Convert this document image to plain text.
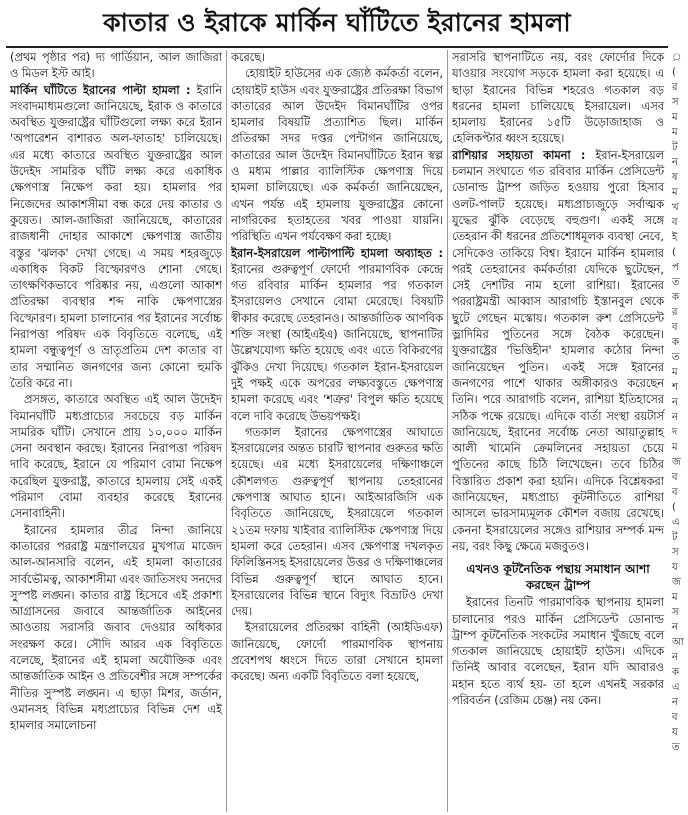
কাতার ও ইরাকে মার্কিন ঘাঁটিতে ইরানের হামলা

(প্রথম পৃষ্ঠার পর) দ্য গার্ডিয়ান, আল জাজিরা ও মিডল ইস্ট আই।

মার্কিন ঘাঁটিতে ইরানের পাল্টা হামলা : ইরানি সংবাদমাধ্যমগুলো জানিয়েছে, ইরাক ও কাতারে অবস্থিত যুক্তরাষ্ট্রের ঘাঁটিগুলো লক্ষ্য করে ইরান 'অপারেশন বাশারত অল-ফাতাহ' চালিয়েছে। এর মধ্যে কাতারে অবস্থিত যুক্তরাষ্ট্রের আল উদেইদ সামরিক ঘাঁটি লক্ষ্য করে একাধিক ক্ষেপণাস্ত্র নিক্ষেপ করা হয়। হামলার পর নিজেদের আকাশসীমা বন্ধ করে দেয় কাতার ও কুয়েত। আল-জাজিরা জানিয়েছে, কাতারের রাজধানী দোহার আকাশে ক্ষেপণাস্ত্র জাতীয় বস্তুর 'ঝলক' দেখা গেছে। এ সময় শহরজুড়ে একাধিক বিকট বিস্ফোরণও শোনা গেছে। তাৎক্ষণিকভাবে পরিষ্কার নয়, এগুলো আকাশ প্রতিরক্ষা ব্যবস্থার শব্দ নাকি ক্ষেপণাস্ত্রের বিস্ফোরণ। হামলা চালানোর পর ইরানের সর্বোচ্চ নিরাপত্তা পরিষদ এক বিবৃতিতে বলেছে, এই হামলা বন্ধুত্বপূর্ণ ও ভ্রাতৃপ্রতিম দেশ কাতার বা তার সম্মানিত জনগণের জন্য কোনো হুমকি তৈরি করে না।

প্রসঙ্গত, কাতারে অবস্থিত এই আল উদেইদ বিমানঘাঁটি মধ্যপ্রাচ্যের সবচেয়ে বড় মার্কিন সামরিক ঘাঁটি। সেখানে প্রায় ১০,০০০ মার্কিন সেনা অবস্থান করছে। ইরানের নিরাপত্তা পরিষদ দাবি করেছে, ইরানে যে পরিমাণ বোমা নিক্ষেপ করেছিল যুক্তরাষ্ট্র, কাতারে হামলায় সেই একই পরিমাণ বোমা ব্যবহার করেছে ইরানের সেনাবাহিনী।

ইরানের হামলার তীব্র নিন্দা জানিয়ে কাতারের পররাষ্ট্র মন্ত্রণালয়ের মুখপাত্র মাজেদ আল-আনসারি বলেন, এই হামলা কাতারের সার্বভৌমত্ব, আকাশসীমা এবং জাতিসংঘ সনদের সুস্পষ্ট লঙ্ঘন। কাতার রাষ্ট্র হিসেবে এই প্রকাশ্য আগ্রাসনের জবাবে আন্তর্জাতিক আইনের আওতায় সরাসরি জবাব দেওয়ার অধিকার সংরক্ষণ করে। সৌদি আরব এক বিবৃতিতে বলেছে, ইরানের এই হামলা অযৌক্তিক এবং আন্তর্জাতিক আইন ও প্রতিবেশীর সঙ্গে সম্পর্কের নীতির সুস্পষ্ট লঙ্ঘন। এ ছাড়া মিশর, জর্ডান, ওমানসহ বিভিন্ন মধ্যপ্রাচ্যের বিভিন্ন দেশ এই হামলার সমালোচনা

করেছে।

হোয়াইট হাউসের এক জ্যেষ্ঠ কর্মকর্তা বলেন, হোয়াইট হাউস এবং যুক্তরাষ্ট্রের প্রতিরক্ষা বিভাগ কাতারের আল উদেইদ বিমানঘাঁটির ওপর হামলার বিষয়টি প্রত্যাশিত ছিল। মার্কিন প্রতিরক্ষা সদর দপ্তর পেন্টাগন জানিয়েছে, কাতারের আল উদেইদ বিমানঘাঁটিতে ইরান স্বল্প ও মধ্যম পাল্লার ব্যালিস্টিক ক্ষেপণাস্ত্র দিয়ে হামলা চালিয়েছে। এক কর্মকর্তা জানিয়েছেন, এখন পর্যন্ত এই হামলায় যুক্তরাষ্ট্রের কোনো নাগরিকের হতাহতের খবর পাওয়া যায়নি। পরিস্থিতি এখন পর্যবেক্ষণ করা হচ্ছে।

ইরান-ইসরায়েল পাল্টাপাল্টি হামলা অব্যাহত : ইরানের গুরুত্বপূর্ণ ফোর্দো পারমাণবিক কেন্দ্রে গত রবিবার মার্কিন হামলার পর গতকাল ইসরায়েলও সেখানে বোমা মেরেছে। বিষয়টি স্বীকার করেছে তেহরানও। আন্তর্জাতিক আণবিক শক্তি সংস্থা (আইএইএ) জানিয়েছে, স্থাপনাটির উল্লেখযোগ্য ক্ষতি হয়েছে এবং এতে বিকিরণের ঝুঁকিও দেখা দিয়েছে। গতকাল ইরান-ইসরায়েল দুই পক্ষই একে অপরের লক্ষ্যবস্তুতে ক্ষেপণাস্ত্র হামলা করেছে এবং 'শত্রুর' বিপুল ক্ষতি হয়েছে বলে দাবি করেছে উভয়পক্ষই।

গতকাল ইরানের ক্ষেপণাস্ত্রের আঘাতে ইসরায়েলের অন্তত চারটি স্থাপনার গুরুতর ক্ষতি হয়েছে। এর মধ্যে ইসরায়েলের দক্ষিণাঞ্চলে কৌশলগত গুরুত্বপূর্ণ স্থাপনায় তেহরানের ক্ষেপণাস্ত্র আঘাত হানে। আইআরজিসি এক বিবৃতিতে জানিয়েছে, ইসরায়েলে গতকাল ২১তম দফায় খাইবার ব্যালিস্টিক ক্ষেপণাস্ত্র দিয়ে হামলা করে তেহরান। এসব ক্ষেপণাস্ত্র দখলকৃত ফিলিস্তিনসহ ইসরায়েলের উত্তর ও দক্ষিণাঞ্চলের বিভিন্ন গুরুত্বপূর্ণ স্থানে আঘাত হানে। ইসরায়েলের বিভিন্ন স্থানে বিদ্যুৎ বিভ্রাটও দেখা দেয়।

ইসরায়েলের প্রতিরক্ষা বাহিনী (আইডিএফ) জানিয়েছে, ফোর্দো পারমাণবিক স্থাপনায় প্রবেশপথ ধ্বংসে দিতে তারা সেখানে হামলা করেছে। অন্য একটি বিবৃতিতে বলা হয়েছে,

সরাসরি স্থাপনাটিতে নয়, বরং ফোর্দোর দিকে যাওয়ার সংযোগ সড়কে হামলা করা হয়েছে। এ ছাড়া ইরানের বিভিন্ন শহরেও গতকাল বড় ধরনের হামলা চালিয়েছে ইসরায়েল। এসব হামলায় ইরানের ১৫টি উড়োজাহাজ ও হেলিকপ্টার ধ্বংস হয়েছে।

রাশিয়ার সহায়তা কামনা : ইরান-ইসরায়েল চলমান সংঘাতে গত রবিবার মার্কিন প্রেসিডেন্ট ডোনাল্ড ট্রাম্প জড়িত হওয়ায় পুরো হিসাব ওলট-পালট হয়েছে। মধ্যপ্রাচ্যজুড়ে সর্বাত্মক যুদ্ধের ঝুঁকি বেড়েছে বহুগুণ। একই সঙ্গে তেহরান কী ধরনের প্রতিশোধমূলক ব্যবস্থা নেবে, সেদিকেও তাকিয়ে বিশ্ব। ইরানে মার্কিন হামলার পরই তেহরানের কর্মকর্তারা যেদিকে ছুটেছেন, সেই দেশটির নাম হলো রাশিয়া। ইরানের পররাষ্ট্রমন্ত্রী আব্বাস আরাগচি ইস্তানবুল থেকে ছুটে গেছেন মস্কোয়। গতকাল রুশ প্রেসিডেন্ট ভ্লাদিমির পুতিনের সঙ্গে বৈঠক করেছেন। যুক্তরাষ্ট্রের 'ভিত্তিহীন' হামলার কঠোর নিন্দা জানিয়েছেন পুতিন। একই সঙ্গে ইরানের জনগণের পাশে থাকার অঙ্গীকারও করেছেন তিনি। পরে আরাগচি বলেন, রাশিয়া ইতিহাসের সঠিক পক্ষে রয়েছে। এদিকে বার্তা সংস্থা রয়টার্স জানিয়েছে, ইরানের সর্বোচ্চ নেতা আয়াতুল্লাহ আলী খামেনি ক্রেমলিনের সহায়তা চেয়ে পুতিনের কাছে চিঠি লিখেছেন। তবে চিঠির বিস্তারিত প্রকাশ করা হয়নি। এদিকে বিশ্লেষকরা জানিয়েছেন, মধ্যপ্রাচ্য কূটনীতিতে রাশিয়া আসলে ভারসাম্যমূলক কৌশল বজায় রেখেছে। কেননা ইসরায়েলের সঙ্গেও রাশিয়ার সম্পর্ক মন্দ নয়, বরং কিছু ক্ষেত্রে মজবুতও।

এখনও কূটনৈতিক পন্থায় সমাধান আশা করছেন ট্রাম্প

ইরানের তিনটি পারমাণবিক স্থাপনায় হামলা চালানোর পরও মার্কিন প্রেসিডেন্ট ডোনাল্ড ট্রাম্প কূটনৈতিক সংকটের সমাধান খুঁজছে বলে গতকাল জানিয়েছে হোয়াইট হাউস। এদিকে তিনিই আবার বলেছেন, ইরান যদি আবারও মহান হতে ব্যর্থ হয়- তা হলে এখনই সরকার পরিবর্তন (রেজিম চেঞ্জ) নয় কেন।

়
(
র
স
ম
ম
ট
ন
ষ
ম
খ
ব
ই
(
প
ত
ক
র
ব
ক
ত
ম
শ
ন
ন
দ
ম
জ
ব
ব
(
এ
ট
স
য
জ
ম
স
ন
আ
ন
ক
এ
ন
ব
য
ত
